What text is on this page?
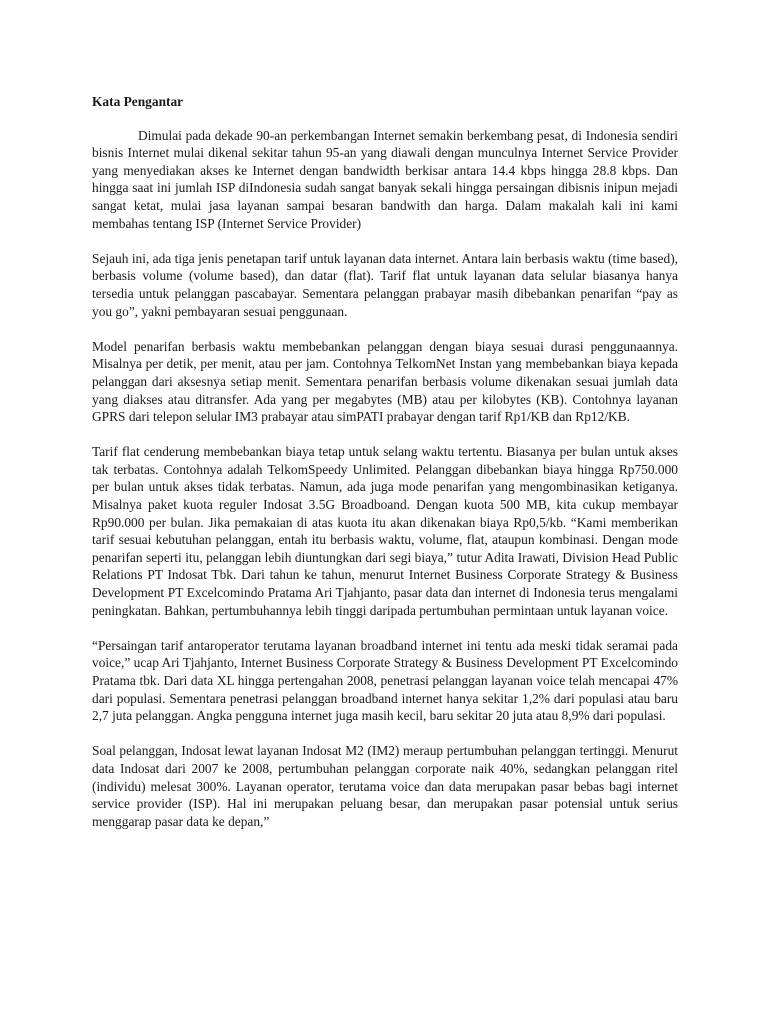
Kata Pengantar

Dimulai pada dekade 90-an perkembangan Internet semakin berkembang pesat, di Indonesia sendiri bisnis Internet mulai dikenal sekitar tahun 95-an yang diawali dengan munculnya Internet Service Provider yang menyediakan akses ke Internet dengan bandwidth berkisar antara 14.4 kbps hingga 28.8 kbps. Dan hingga saat ini jumlah ISP diIndonesia sudah sangat banyak sekali hingga persaingan dibisnis inipun mejadi sangat ketat, mulai jasa layanan sampai besaran bandwith dan harga. Dalam makalah kali ini kami membahas tentang ISP (Internet Service Provider)

Sejauh ini, ada tiga jenis penetapan tarif untuk layanan data internet. Antara lain berbasis waktu (time based), berbasis volume (volume based), dan datar (flat). Tarif flat untuk layanan data selular biasanya hanya tersedia untuk pelanggan pascabayar. Sementara pelanggan prabayar masih dibebankan penarifan “pay as you go”, yakni pembayaran sesuai penggunaan.

Model penarifan berbasis waktu membebankan pelanggan dengan biaya sesuai durasi penggunaannya. Misalnya per detik, per menit, atau per jam. Contohnya TelkomNet Instan yang membebankan biaya kepada pelanggan dari aksesnya setiap menit. Sementara penarifan berbasis volume dikenakan sesuai jumlah data yang diakses atau ditransfer. Ada yang per megabytes (MB) atau per kilobytes (KB). Contohnya layanan GPRS dari telepon selular IM3 prabayar atau simPATI prabayar dengan tarif Rp1/KB dan Rp12/KB.

Tarif flat cenderung membebankan biaya tetap untuk selang waktu tertentu. Biasanya per bulan untuk akses tak terbatas. Contohnya adalah TelkomSpeedy Unlimited. Pelanggan dibebankan biaya hingga Rp750.000 per bulan untuk akses tidak terbatas. Namun, ada juga mode penarifan yang mengombinasikan ketiganya. Misalnya paket kuota reguler Indosat 3.5G Broadboand. Dengan kuota 500 MB, kita cukup membayar Rp90.000 per bulan. Jika pemakaian di atas kuota itu akan dikenakan biaya Rp0,5/kb. “Kami memberikan tarif sesuai kebutuhan pelanggan, entah itu berbasis waktu, volume, flat, ataupun kombinasi. Dengan mode penarifan seperti itu, pelanggan lebih diuntungkan dari segi biaya,” tutur Adita Irawati, Division Head Public Relations PT Indosat Tbk. Dari tahun ke tahun, menurut Internet Business Corporate Strategy & Business Development PT Excelcomindo Pratama Ari Tjahjanto, pasar data dan internet di Indonesia terus mengalami peningkatan. Bahkan, pertumbuhannya lebih tinggi daripada pertumbuhan permintaan untuk layanan voice.

“Persaingan tarif antaroperator terutama layanan broadband internet ini tentu ada meski tidak seramai pada voice,” ucap Ari Tjahjanto, Internet Business Corporate Strategy & Business Development PT Excelcomindo Pratama tbk. Dari data XL hingga pertengahan 2008, penetrasi pelanggan layanan voice telah mencapai 47% dari populasi. Sementara penetrasi pelanggan broadband internet hanya sekitar 1,2% dari populasi atau baru 2,7 juta pelanggan. Angka pengguna internet juga masih kecil, baru sekitar 20 juta atau 8,9% dari populasi.

Soal pelanggan, Indosat lewat layanan Indosat M2 (IM2) meraup pertumbuhan pelanggan tertinggi. Menurut data Indosat dari 2007 ke 2008, pertumbuhan pelanggan corporate naik 40%, sedangkan pelanggan ritel (individu) melesat 300%. Layanan operator, terutama voice dan data merupakan pasar bebas bagi internet service provider (ISP). Hal ini merupakan peluang besar, dan merupakan pasar potensial untuk serius menggarap pasar data ke depan,”
